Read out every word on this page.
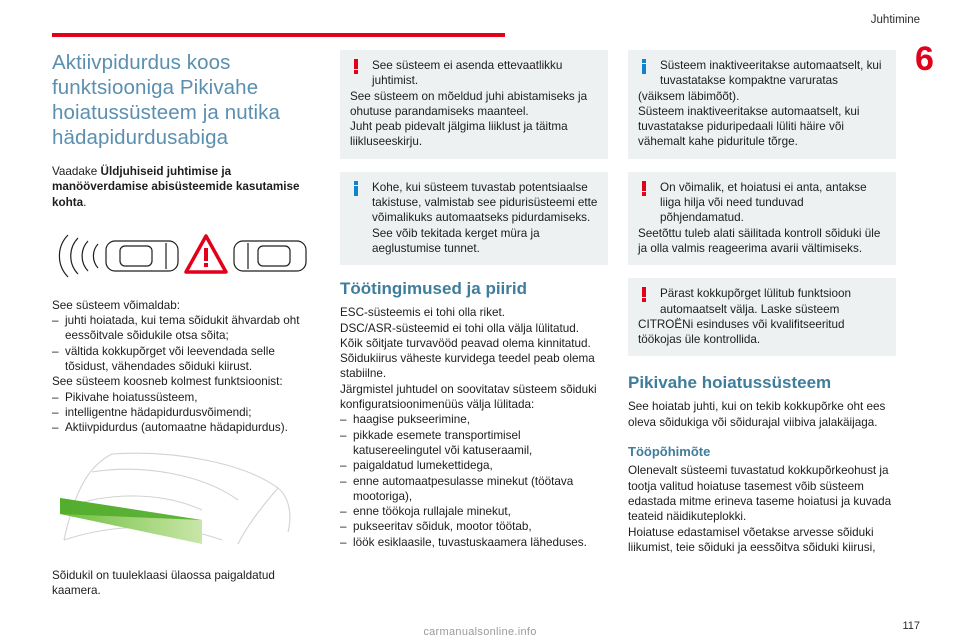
Juhtimine
6
Aktiivpidurdus koos funktsiooniga Pikivahe hoiatussüsteem ja nutika hädapidurdusabiga

Vaadake Üldjuhiseid juhtimise ja manööverdamise abisüsteemide kasutamise kohta.

See süsteem võimaldab:

– juhti hoiatada, kui tema sõidukit ähvardab oht eessõitvale sõidukile otsa sõita;
– vältida kokkupõrget või leevendada selle tõsidust, vähendades sõiduki kiirust.

See süsteem koosneb kolmest funktsioonist:

– Pikivahe hoiatussüsteem,
– intelligentne hädapidurdusvõimendi;
– Aktiivpidurdus (automaatne hädapidurdus).

Sõidukil on tuuleklaasi ülaossa paigaldatud kaamera.

See süsteem ei asenda ettevaatlikku juhtimist.

See süsteem on mõeldud juhi abistamiseks ja ohutuse parandamiseks maanteel.

Juht peab pidevalt jälgima liiklust ja täitma liikluseeskirju.

Kohe, kui süsteem tuvastab potentsiaalse takistuse, valmistab see pidurisüsteemi ette võimalikuks automaatseks pidurdamiseks. See võib tekitada kerget müra ja aeglustumise tunnet.

Töötingimused ja piirid

ESC-süsteemis ei tohi olla riket.

DSC/ASR-süsteemid ei tohi olla välja lülitatud.

Kõik sõitjate turvavööd peavad olema kinnitatud.

Sõidukiirus väheste kurvidega teedel peab olema stabiilne.

Järgmistel juhtudel on soovitatav süsteem sõiduki konfiguratsioonimenüüs välja lülitada:

– haagise pukseerimine,
– pikkade esemete transportimisel katusereelingutel või katuseraamil,
– paigaldatud lumekettidega,
– enne automaatpesulasse minekut (töötava mootoriga),
– enne töökoja rullajale minekut,
– pukseeritav sõiduk, mootor töötab,
– löök esiklaasile, tuvastuskaamera läheduses.

Süsteem inaktiveeritakse automaatselt, kui tuvastatakse kompaktne varuratas

(väiksem läbimõõt).

Süsteem inaktiveeritakse automaatselt, kui tuvastatakse piduripedaali lüliti häire või vähemalt kahe piduritule tõrge.

On võimalik, et hoiatusi ei anta, antakse liiga hilja või need tunduvad põhjendamatud.

Seetõttu tuleb alati säilitada kontroll sõiduki üle ja olla valmis reageerima avarii vältimiseks.

Pärast kokkupõrget lülitub funktsioon automaatselt välja. Laske süsteem

CITROËNi esinduses või kvalifitseeritud töökojas üle kontrollida.

Pikivahe hoiatussüsteem

See hoiatab juhti, kui on tekib kokkupõrke oht ees oleva sõidukiga või sõidurajal viibiva jalakäijaga.

Tööpõhimõte

Olenevalt süsteemi tuvastatud kokkupõrkeohust ja tootja valitud hoiatuse tasemest võib süsteem edastada mitme erineva taseme hoiatusi ja kuvada teateid näidikuteplokki.

Hoiatuse edastamisel võetakse arvesse sõiduki liikumist, teie sõiduki ja eessõitva sõiduki kiirusi,

117
carmanualsonline.info
